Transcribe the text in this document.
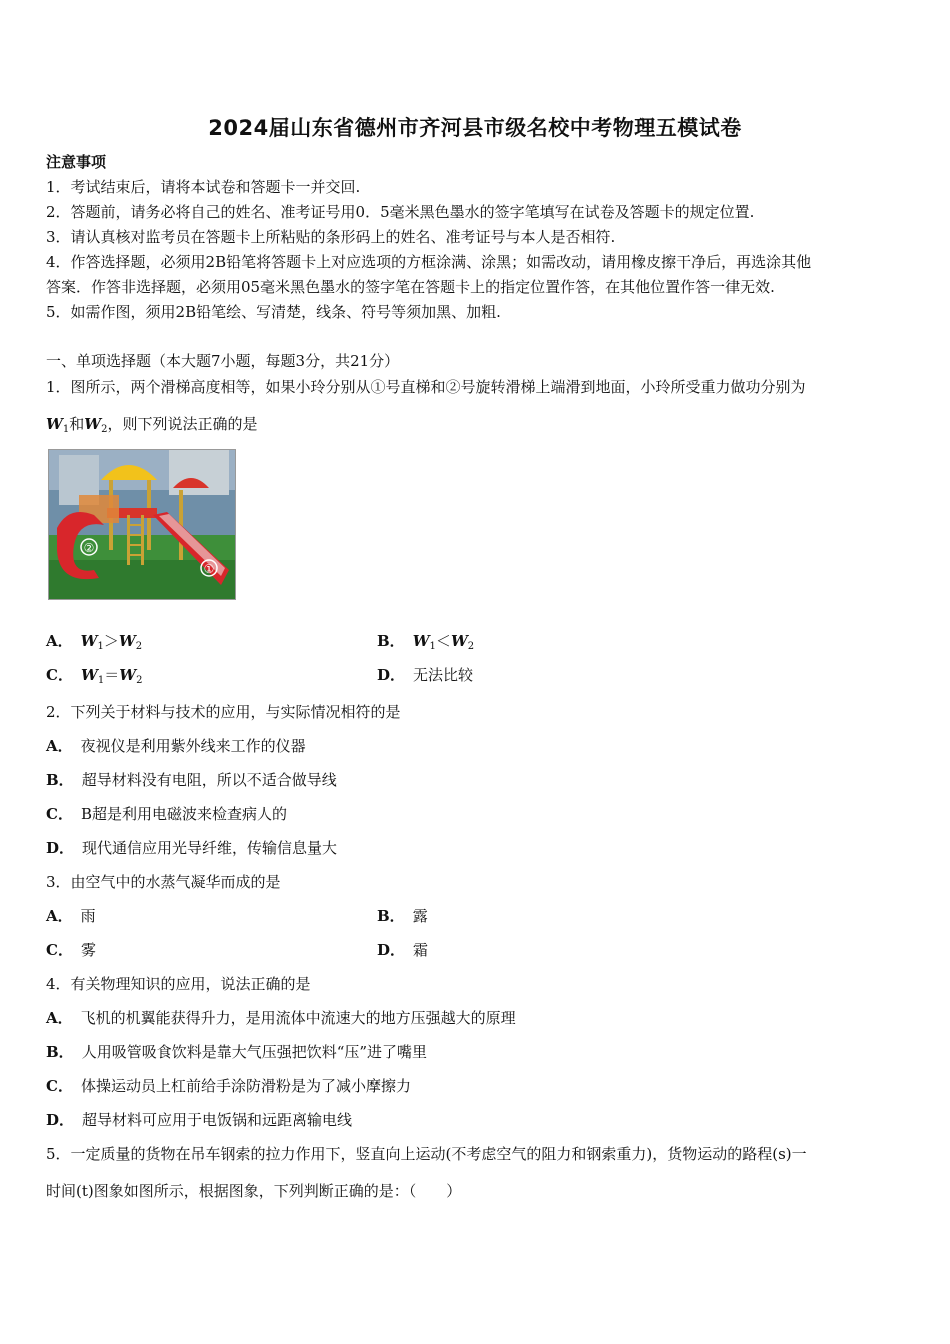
2024届山东省德州市齐河县市级名校中考物理五模试卷
注意事项
1．考试结束后，请将本试卷和答题卡一并交回.
2．答题前，请务必将自己的姓名、准考证号用0．5毫米黑色墨水的签字笔填写在试卷及答题卡的规定位置.
3．请认真核对监考员在答题卡上所粘贴的条形码上的姓名、准考证号与本人是否相符.
4．作答选择题，必须用2B铅笔将答题卡上对应选项的方框涂满、涂黑；如需改动，请用橡皮擦干净后，再选涂其他
答案．作答非选择题，必须用05毫米黑色墨水的签字笔在答题卡上的指定位置作答，在其他位置作答一律无效.
5．如需作图，须用2B铅笔绘、写清楚，线条、符号等须加黑、加粗.
一、单项选择题（本大题7小题，每题3分，共21分）
1．图所示，两个滑梯高度相等，如果小玲分别从①号直梯和②号旋转滑梯上端滑到地面，小玲所受重力做功分别为
$W_1$和$W_2$，则下列说法正确的是
②
①
A． $W_1>W_2$	B． $W_1<W_2$
C． $W_1=W_2$	D． 无法比较
2．下列关于材料与技术的应用，与实际情况相符的是
A． 夜视仪是利用紫外线来工作的仪器
B． 超导材料没有电阻，所以不适合做导线
C． B超是利用电磁波来检查病人的
D． 现代通信应用光导纤维，传输信息量大
3．由空气中的水蒸气凝华而成的是
A． 雨	B． 露
C． 雾	D． 霜
4．有关物理知识的应用，说法正确的是
A． 飞机的机翼能获得升力，是用流体中流速大的地方压强越大的原理
B． 人用吸管吸食饮料是靠大气压强把饮料“压”进了嘴里
C． 体操运动员上杠前给手涂防滑粉是为了减小摩擦力
D． 超导材料可应用于电饭锅和远距离输电线
5．一定质量的货物在吊车钢索的拉力作用下，竖直向上运动(不考虑空气的阻力和钢索重力)，货物运动的路程(s)一
时间(t)图象如图所示，根据图象，下列判断正确的是：（　　）
